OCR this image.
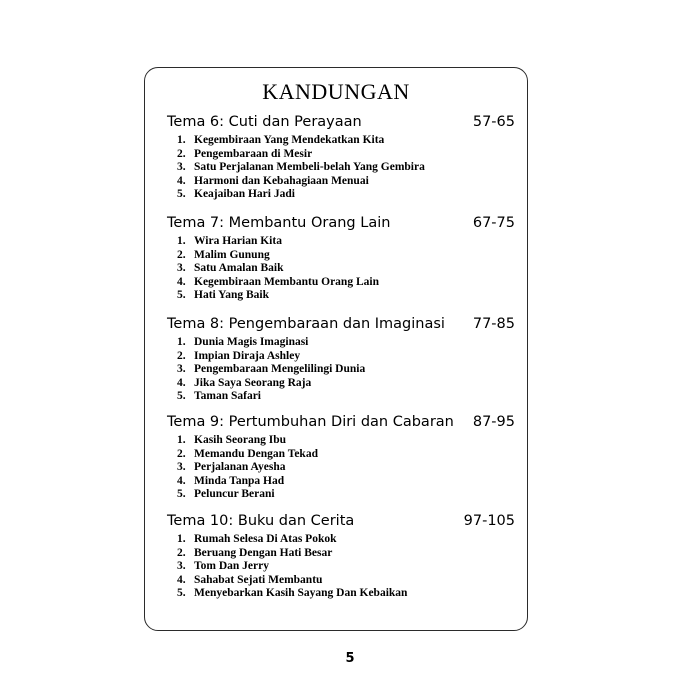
KANDUNGAN
Tema 6: Cuti dan Perayaan	57-65
1. Kegembiraan Yang Mendekatkan Kita
2. Pengembaraan di Mesir
3. Satu Perjalanan Membeli-belah Yang Gembira
4. Harmoni dan Kebahagiaan Menuai
5. Keajaiban Hari Jadi
Tema 7: Membantu Orang Lain	67-75
1. Wira Harian Kita
2. Malim Gunung
3. Satu Amalan Baik
4. Kegembiraan Membantu Orang Lain
5. Hati Yang Baik
Tema 8: Pengembaraan dan Imaginasi 77-85
1. Dunia Magis Imaginasi
2. Impian Diraja Ashley
3. Pengembaraan Mengelilingi Dunia
4. Jika Saya Seorang Raja
5. Taman Safari
Tema 9: Pertumbuhan Diri dan Cabaran 87-95
1. Kasih Seorang Ibu
2. Memandu Dengan Tekad
3. Perjalanan Ayesha
4. Minda Tanpa Had
5. Peluncur Berani
Tema 10: Buku dan Cerita	97-105
1. Rumah Selesa Di Atas Pokok
2. Beruang Dengan Hati Besar
3. Tom Dan Jerry
4. Sahabat Sejati Membantu
5. Menyebarkan Kasih Sayang Dan Kebaikan
5
